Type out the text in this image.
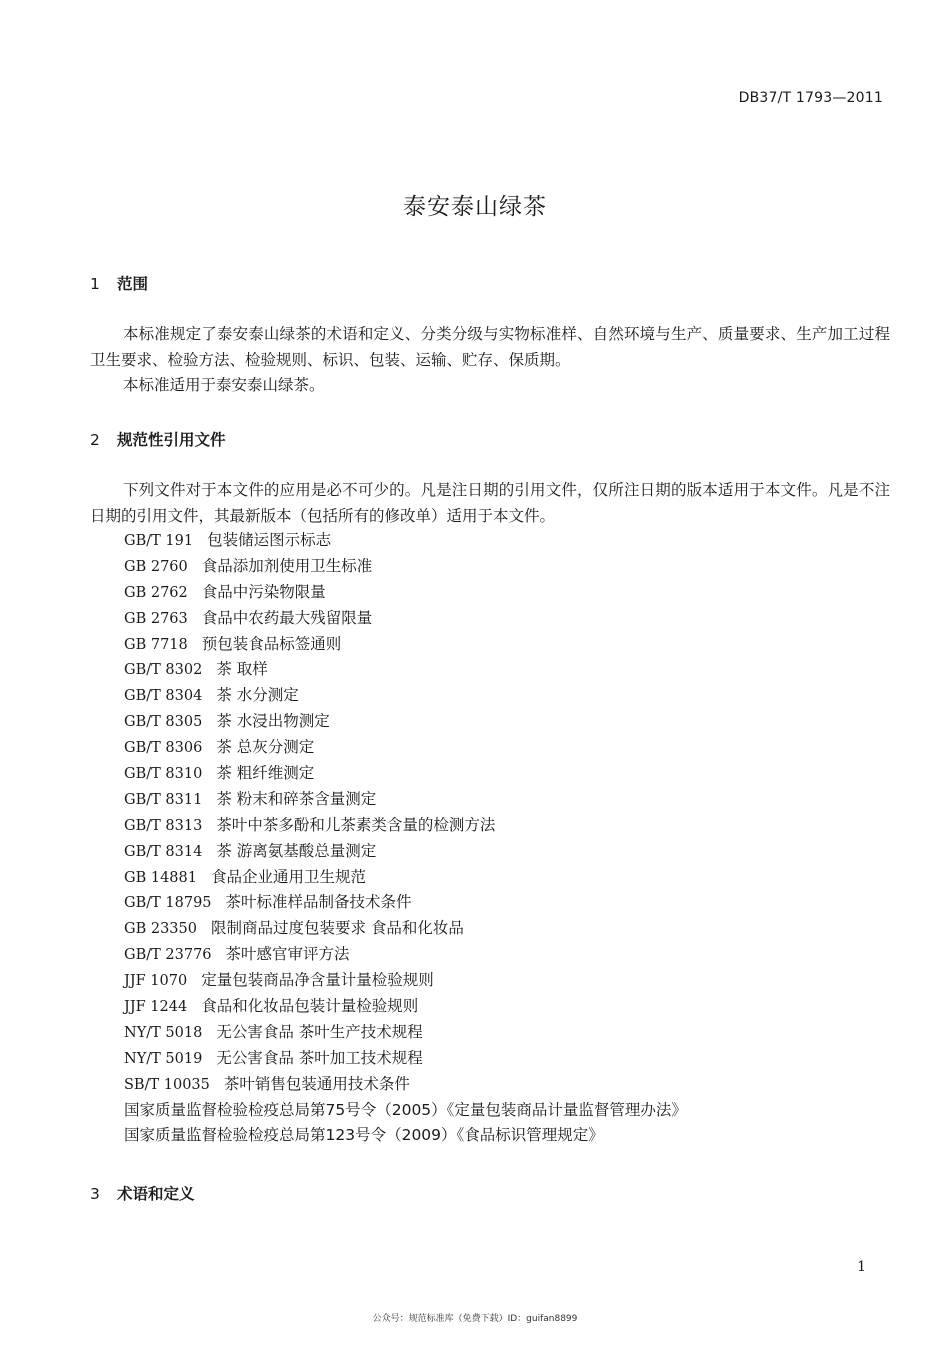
DB37/T 1793—2011
泰安泰山绿茶
1 范围
本标准规定了泰安泰山绿茶的术语和定义、分类分级与实物标准样、自然环境与生产、质量要求、生产加工过程卫生要求、检验方法、检验规则、标识、包装、运输、贮存、保质期。
本标准适用于泰安泰山绿茶。
2 规范性引用文件
下列文件对于本文件的应用是必不可少的。凡是注日期的引用文件，仅所注日期的版本适用于本文件。凡是不注日期的引用文件，其最新版本（包括所有的修改单）适用于本文件。
GB/T 191 包装储运图示标志
GB 2760 食品添加剂使用卫生标准
GB 2762 食品中污染物限量
GB 2763 食品中农药最大残留限量
GB 7718 预包装食品标签通则
GB/T 8302 茶 取样
GB/T 8304 茶 水分测定
GB/T 8305 茶 水浸出物测定
GB/T 8306 茶 总灰分测定
GB/T 8310 茶 粗纤维测定
GB/T 8311 茶 粉末和碎茶含量测定
GB/T 8313 茶叶中茶多酚和儿茶素类含量的检测方法
GB/T 8314 茶 游离氨基酸总量测定
GB 14881 食品企业通用卫生规范
GB/T 18795 茶叶标准样品制备技术条件
GB 23350 限制商品过度包装要求 食品和化妆品
GB/T 23776 茶叶感官审评方法
JJF 1070 定量包装商品净含量计量检验规则
JJF 1244 食品和化妆品包装计量检验规则
NY/T 5018 无公害食品 茶叶生产技术规程
NY/T 5019 无公害食品 茶叶加工技术规程
SB/T 10035 茶叶销售包装通用技术条件
国家质量监督检验检疫总局第75号令（2005）《定量包装商品计量监督管理办法》
国家质量监督检验检疫总局第123号令（2009）《食品标识管理规定》
3 术语和定义
1
公众号：规范标准库（免费下载）ID：guifan8899
